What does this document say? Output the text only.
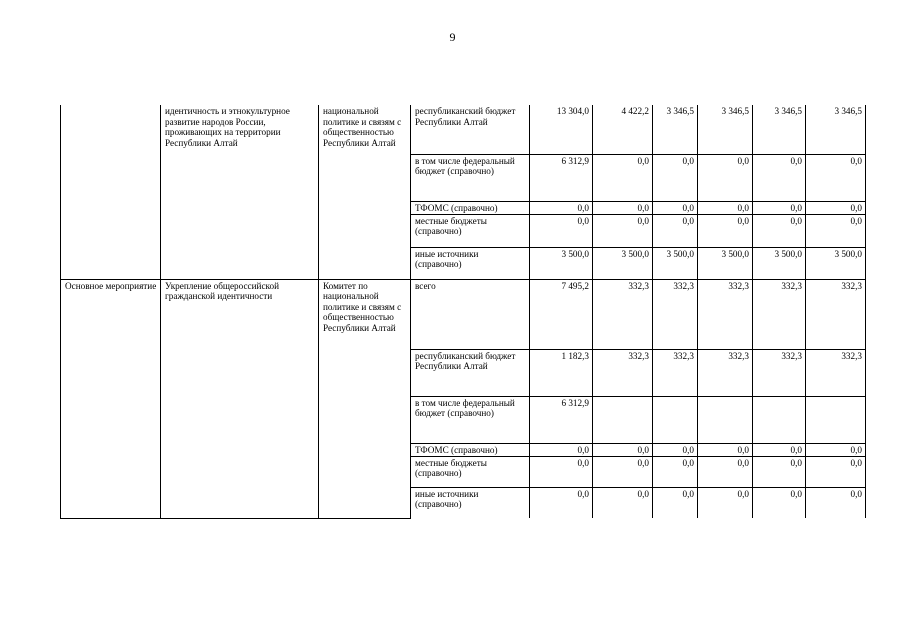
9
	идентичность и этнокультурное развитие народов России, проживающих на территории Республики Алтай	национальной политике и связям с общественностью Республики Алтай	республиканский бюджет Республики Алтай	13 304,0	4 422,2	3 346,5	3 346,5	3 346,5	3 346,5
			в том числе федеральный бюджет (справочно)	6 312,9	0,0	0,0	0,0	0,0	0,0
			ТФОМС (справочно)	0,0	0,0	0,0	0,0	0,0	0,0
			местные бюджеты (справочно)	0,0	0,0	0,0	0,0	0,0	0,0
			иные источники (справочно)	3 500,0	3 500,0	3 500,0	3 500,0	3 500,0	3 500,0
Основное мероприятие	Укрепление общероссийской гражданской идентичности	Комитет по национальной политике и связям с общественностью Республики Алтай	всего	7 495,2	332,3	332,3	332,3	332,3	332,3
			республиканский бюджет Республики Алтай	1 182,3	332,3	332,3	332,3	332,3	332,3
			в том числе федеральный бюджет (справочно)	6 312,9					
			ТФОМС (справочно)	0,0	0,0	0,0	0,0	0,0	0,0
			местные бюджеты (справочно)	0,0	0,0	0,0	0,0	0,0	0,0
			иные источники (справочно)	0,0	0,0	0,0	0,0	0,0	0,0
